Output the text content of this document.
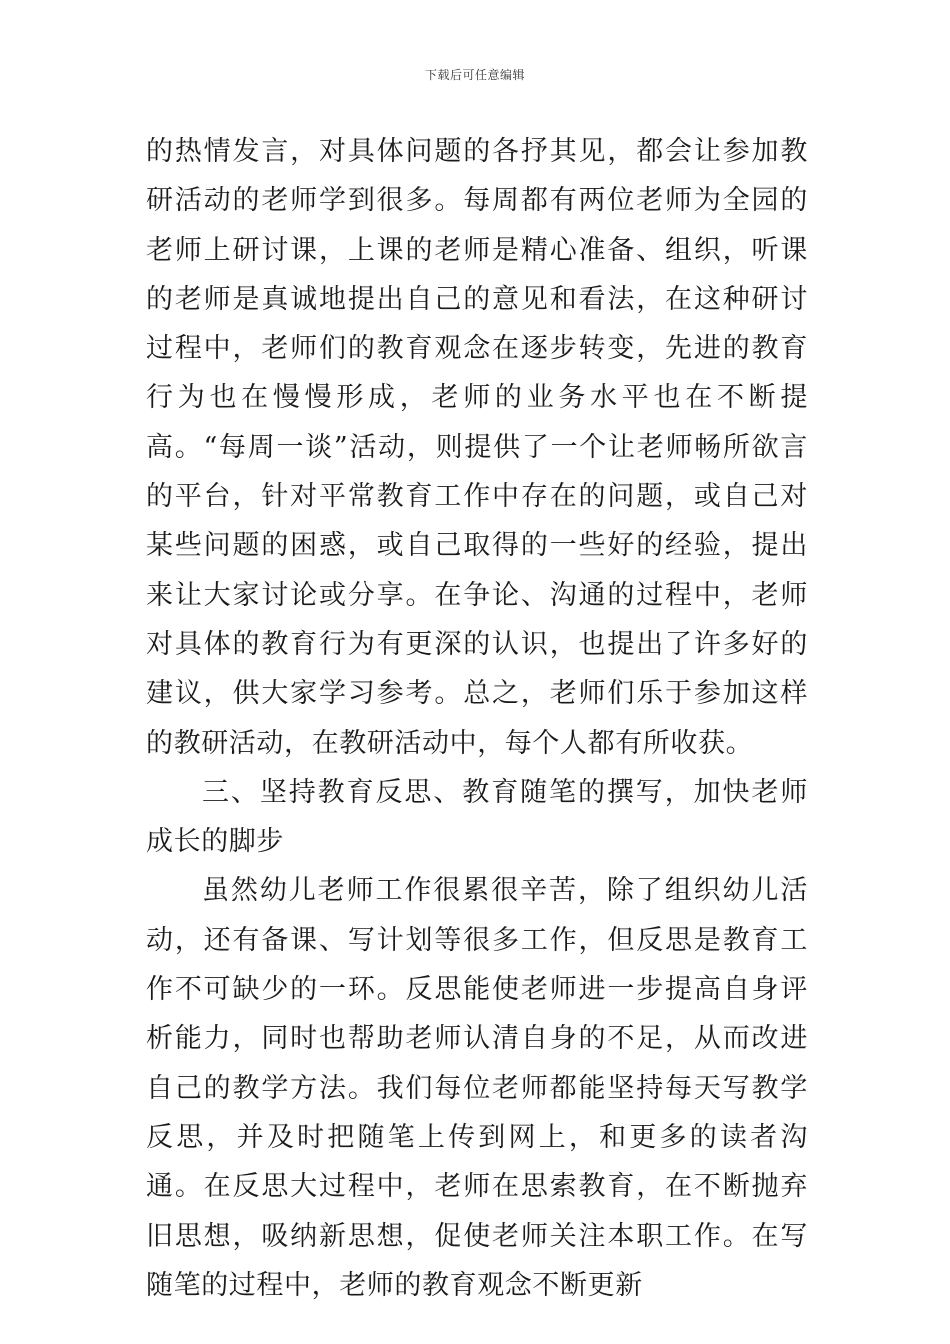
下载后可任意编辑

的热情发言，对具体问题的各抒其见，都会让参加教研活动的老师学到很多。每周都有两位老师为全园的老师上研讨课，上课的老师是精心准备、组织，听课的老师是真诚地提出自己的意见和看法，在这种研讨过程中，老师们的教育观念在逐步转变，先进的教育行为也在慢慢形成，老师的业务水平也在不断提高。“每周一谈”活动，则提供了一个让老师畅所欲言的平台，针对平常教育工作中存在的问题，或自己对某些问题的困惑，或自己取得的一些好的经验，提出来让大家讨论或分享。在争论、沟通的过程中，老师对具体的教育行为有更深的认识，也提出了许多好的建议，供大家学习参考。总之，老师们乐于参加这样的教研活动，在教研活动中，每个人都有所收获。

三、坚持教育反思、教育随笔的撰写，加快老师成长的脚步

虽然幼儿老师工作很累很辛苦，除了组织幼儿活动，还有备课、写计划等很多工作，但反思是教育工作不可缺少的一环。反思能使老师进一步提高自身评析能力，同时也帮助老师认清自身的不足，从而改进自己的教学方法。我们每位老师都能坚持每天写教学反思，并及时把随笔上传到网上，和更多的读者沟通。在反思大过程中，老师在思索教育，在不断抛弃旧思想，吸纳新思想，促使老师关注本职工作。在写随笔的过程中，老师的教育观念不断更新
